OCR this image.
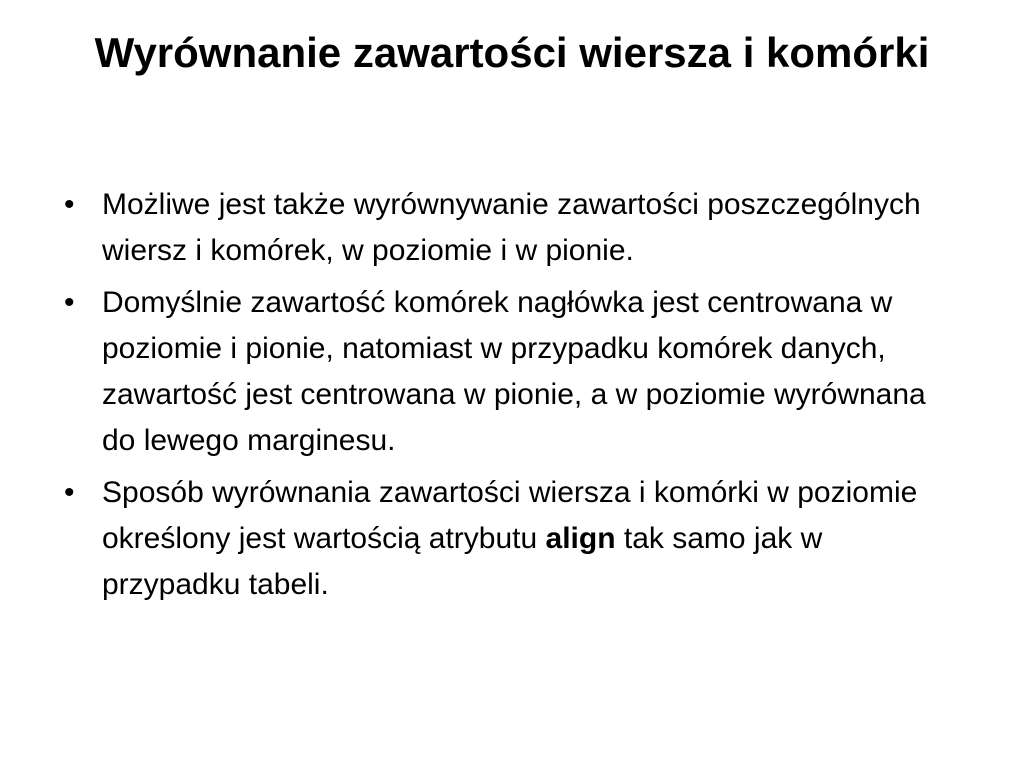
Wyrównanie zawartości wiersza i komórki
• Możliwe jest także wyrównywanie zawartości poszczególnych wiersz i komórek, w poziomie i w pionie.
• Domyślnie zawartość komórek nagłówka jest centrowana w poziomie i pionie, natomiast w przypadku komórek danych, zawartość jest centrowana w pionie, a w poziomie wyrównana do lewego marginesu.
• Sposób wyrównania zawartości wiersza i komórki w poziomie określony jest wartością atrybutu align tak samo jak w przypadku tabeli.
